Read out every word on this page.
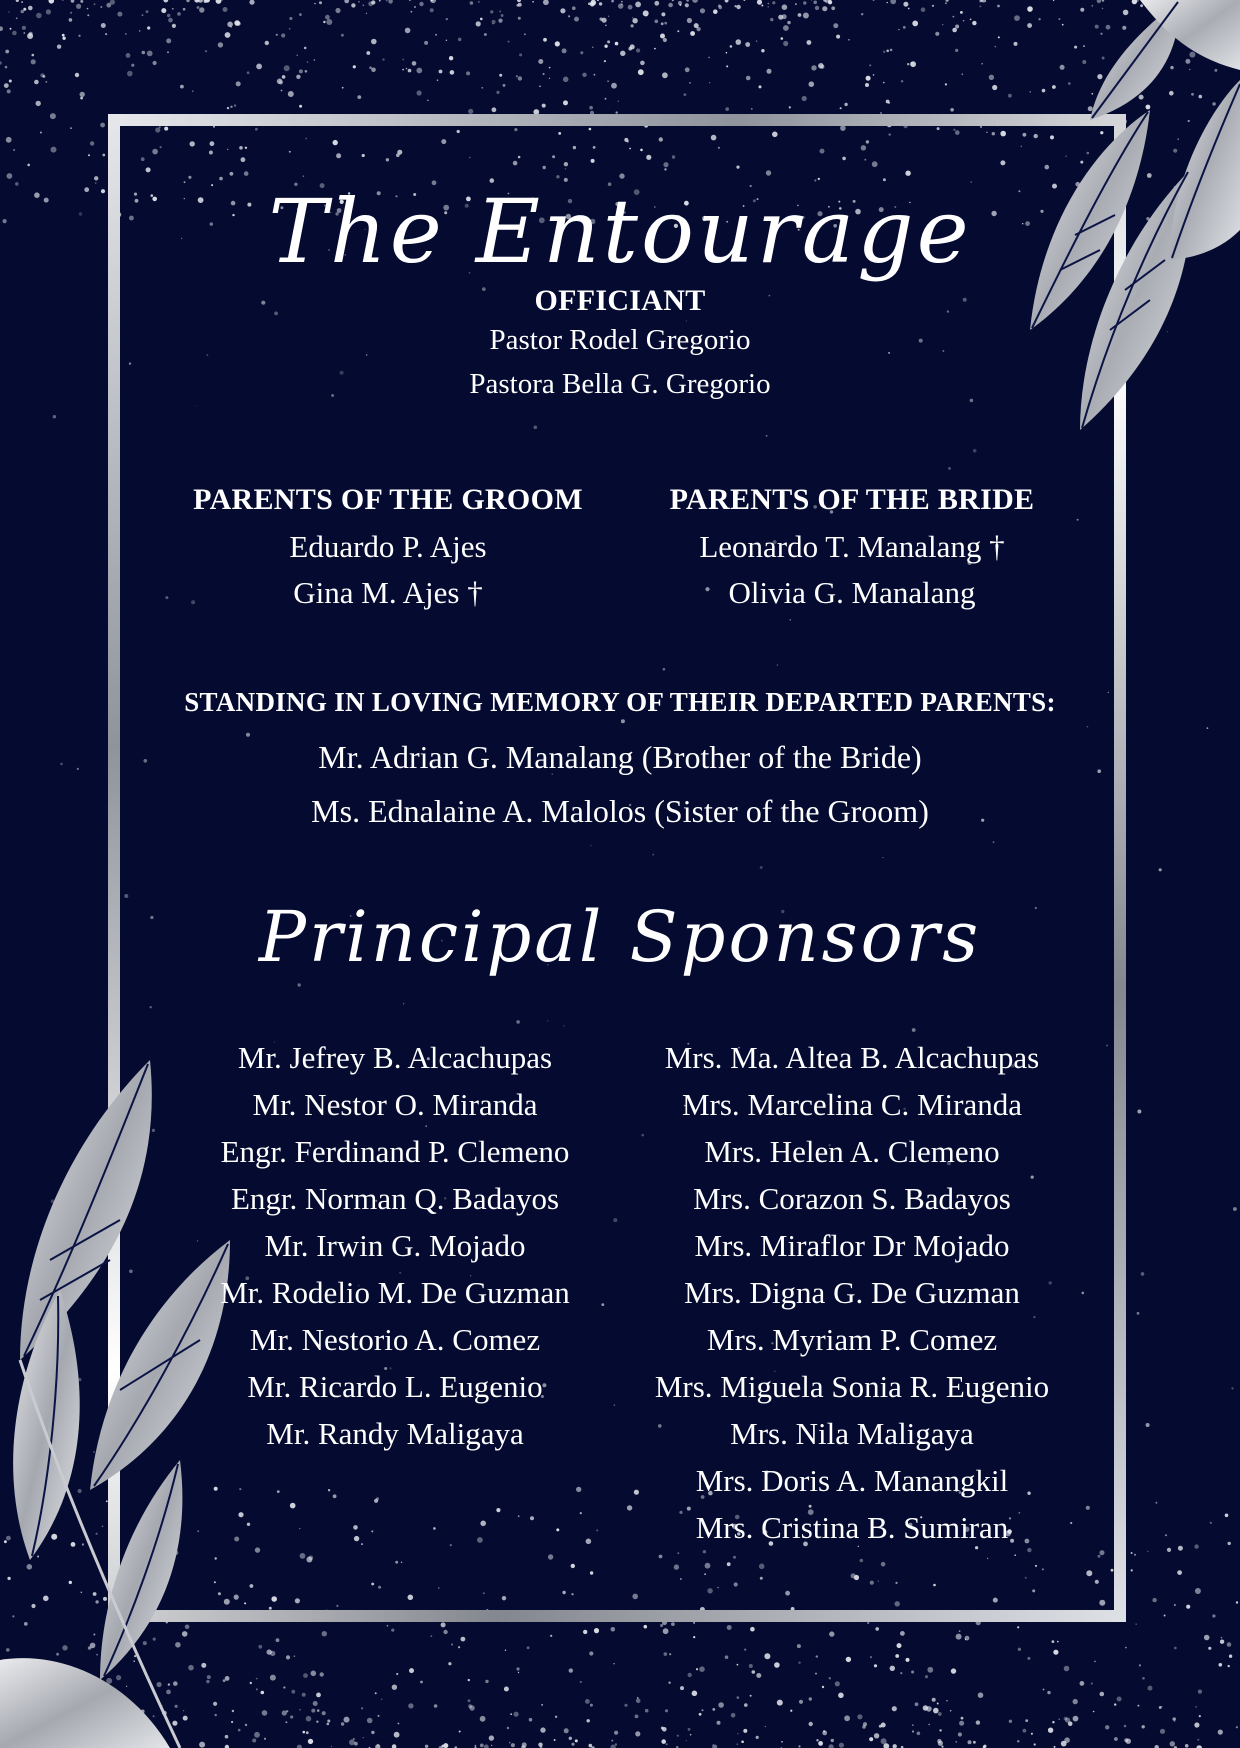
The Entourage
OFFICIANT
Pastor Rodel Gregorio
Pastora Bella G. Gregorio
PARENTS OF THE GROOM
Eduardo P. Ajes
Gina M. Ajes †
PARENTS OF THE BRIDE
Leonardo T. Manalang †
Olivia G. Manalang
STANDING IN LOVING MEMORY OF THEIR DEPARTED PARENTS:
Mr. Adrian G. Manalang (Brother of the Bride)
Ms. Ednalaine A. Malolos (Sister of the Groom)
Principal Sponsors
Mr. Jefrey B. Alcachupas
Mr. Nestor O. Miranda
Engr. Ferdinand P. Clemeno
Engr. Norman Q. Badayos
Mr. Irwin G. Mojado
Mr. Rodelio M. De Guzman
Mr. Nestorio A. Comez
Mr. Ricardo L. Eugenio
Mr. Randy Maligaya
Mrs. Ma. Altea B. Alcachupas
Mrs. Marcelina C. Miranda
Mrs. Helen A. Clemeno
Mrs. Corazon S. Badayos
Mrs. Miraflor Dr Mojado
Mrs. Digna G. De Guzman
Mrs. Myriam P. Comez
Mrs. Miguela Sonia R. Eugenio
Mrs. Nila Maligaya
Mrs. Doris A. Manangkil
Mrs. Cristina B. Sumiran
